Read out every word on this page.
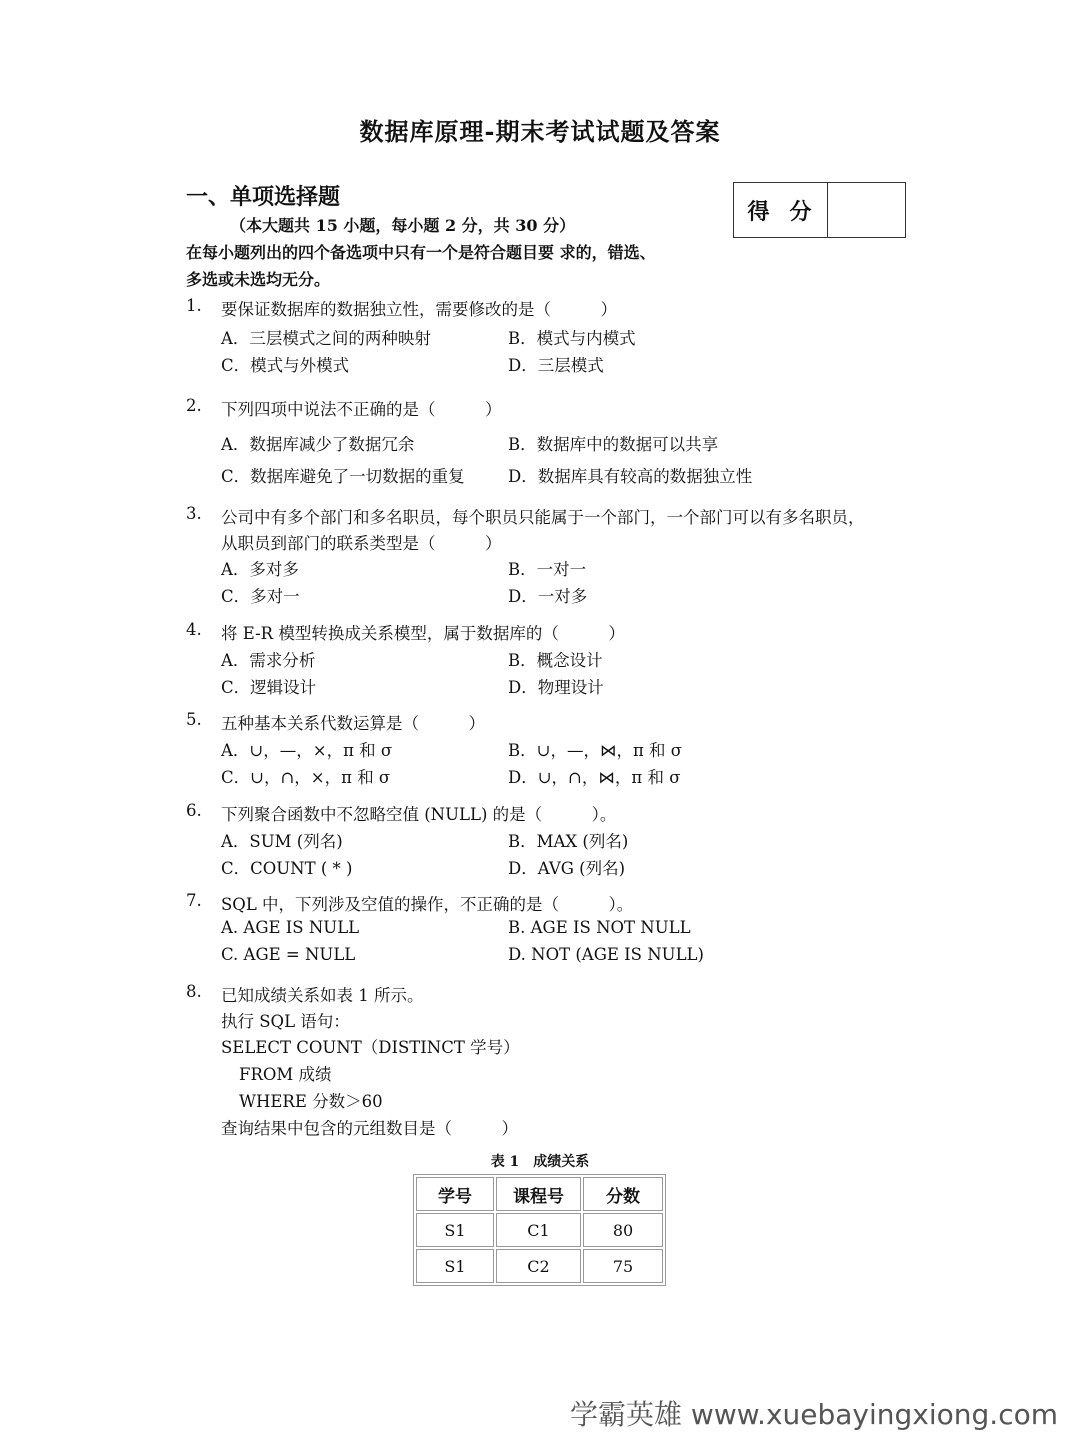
数据库原理-期末考试试题及答案
一、单项选择题
（本大题共 15 小题，每小题 2 分，共 30 分）
在每小题列出的四个备选项中只有一个是符合题目要 求的，错选、
多选或未选均无分。
得分
1. 要保证数据库的数据独立性，需要修改的是（　　　）
A．三层模式之间的两种映射	B．模式与内模式
C．模式与外模式	D．三层模式
2. 下列四项中说法不正确的是（　　　）
A．数据库减少了数据冗余	B．数据库中的数据可以共享
C．数据库避免了一切数据的重复	D．数据库具有较高的数据独立性
3. 公司中有多个部门和多名职员，每个职员只能属于一个部门，一个部门可以有多名职员，
从职员到部门的联系类型是（　　　）
A．多对多	B．一对一
C．多对一	D．一对多
4. 将 E-R 模型转换成关系模型，属于数据库的（　　　）
A．需求分析	B．概念设计
C．逻辑设计	D．物理设计
5. 五种基本关系代数运算是（　　　）
A．∪，—，×，π 和 σ	B．∪，—，⋈，π 和 σ
C．∪，∩，×，π 和 σ	D．∪，∩，⋈，π 和 σ
6. 下列聚合函数中不忽略空值 (NULL) 的是（　　　）。
A．SUM (列名)	B．MAX (列名)
C．COUNT ( * )	D．AVG (列名)
7. SQL 中，下列涉及空值的操作，不正确的是（　　　）。
A. AGE IS NULL	B. AGE IS NOT NULL
C. AGE = NULL	D. NOT (AGE IS NULL)
8. 已知成绩关系如表 1 所示。
执行 SQL 语句：
SELECT COUNT（DISTINCT 学号）
FROM 成绩
WHERE 分数＞60
查询结果中包含的元组数目是（　　　）
表 1　成绩关系
学号	课程号	分数
S1	C1	80
S1	C2	75
学霸英雄 www.xuebayingxiong.com
